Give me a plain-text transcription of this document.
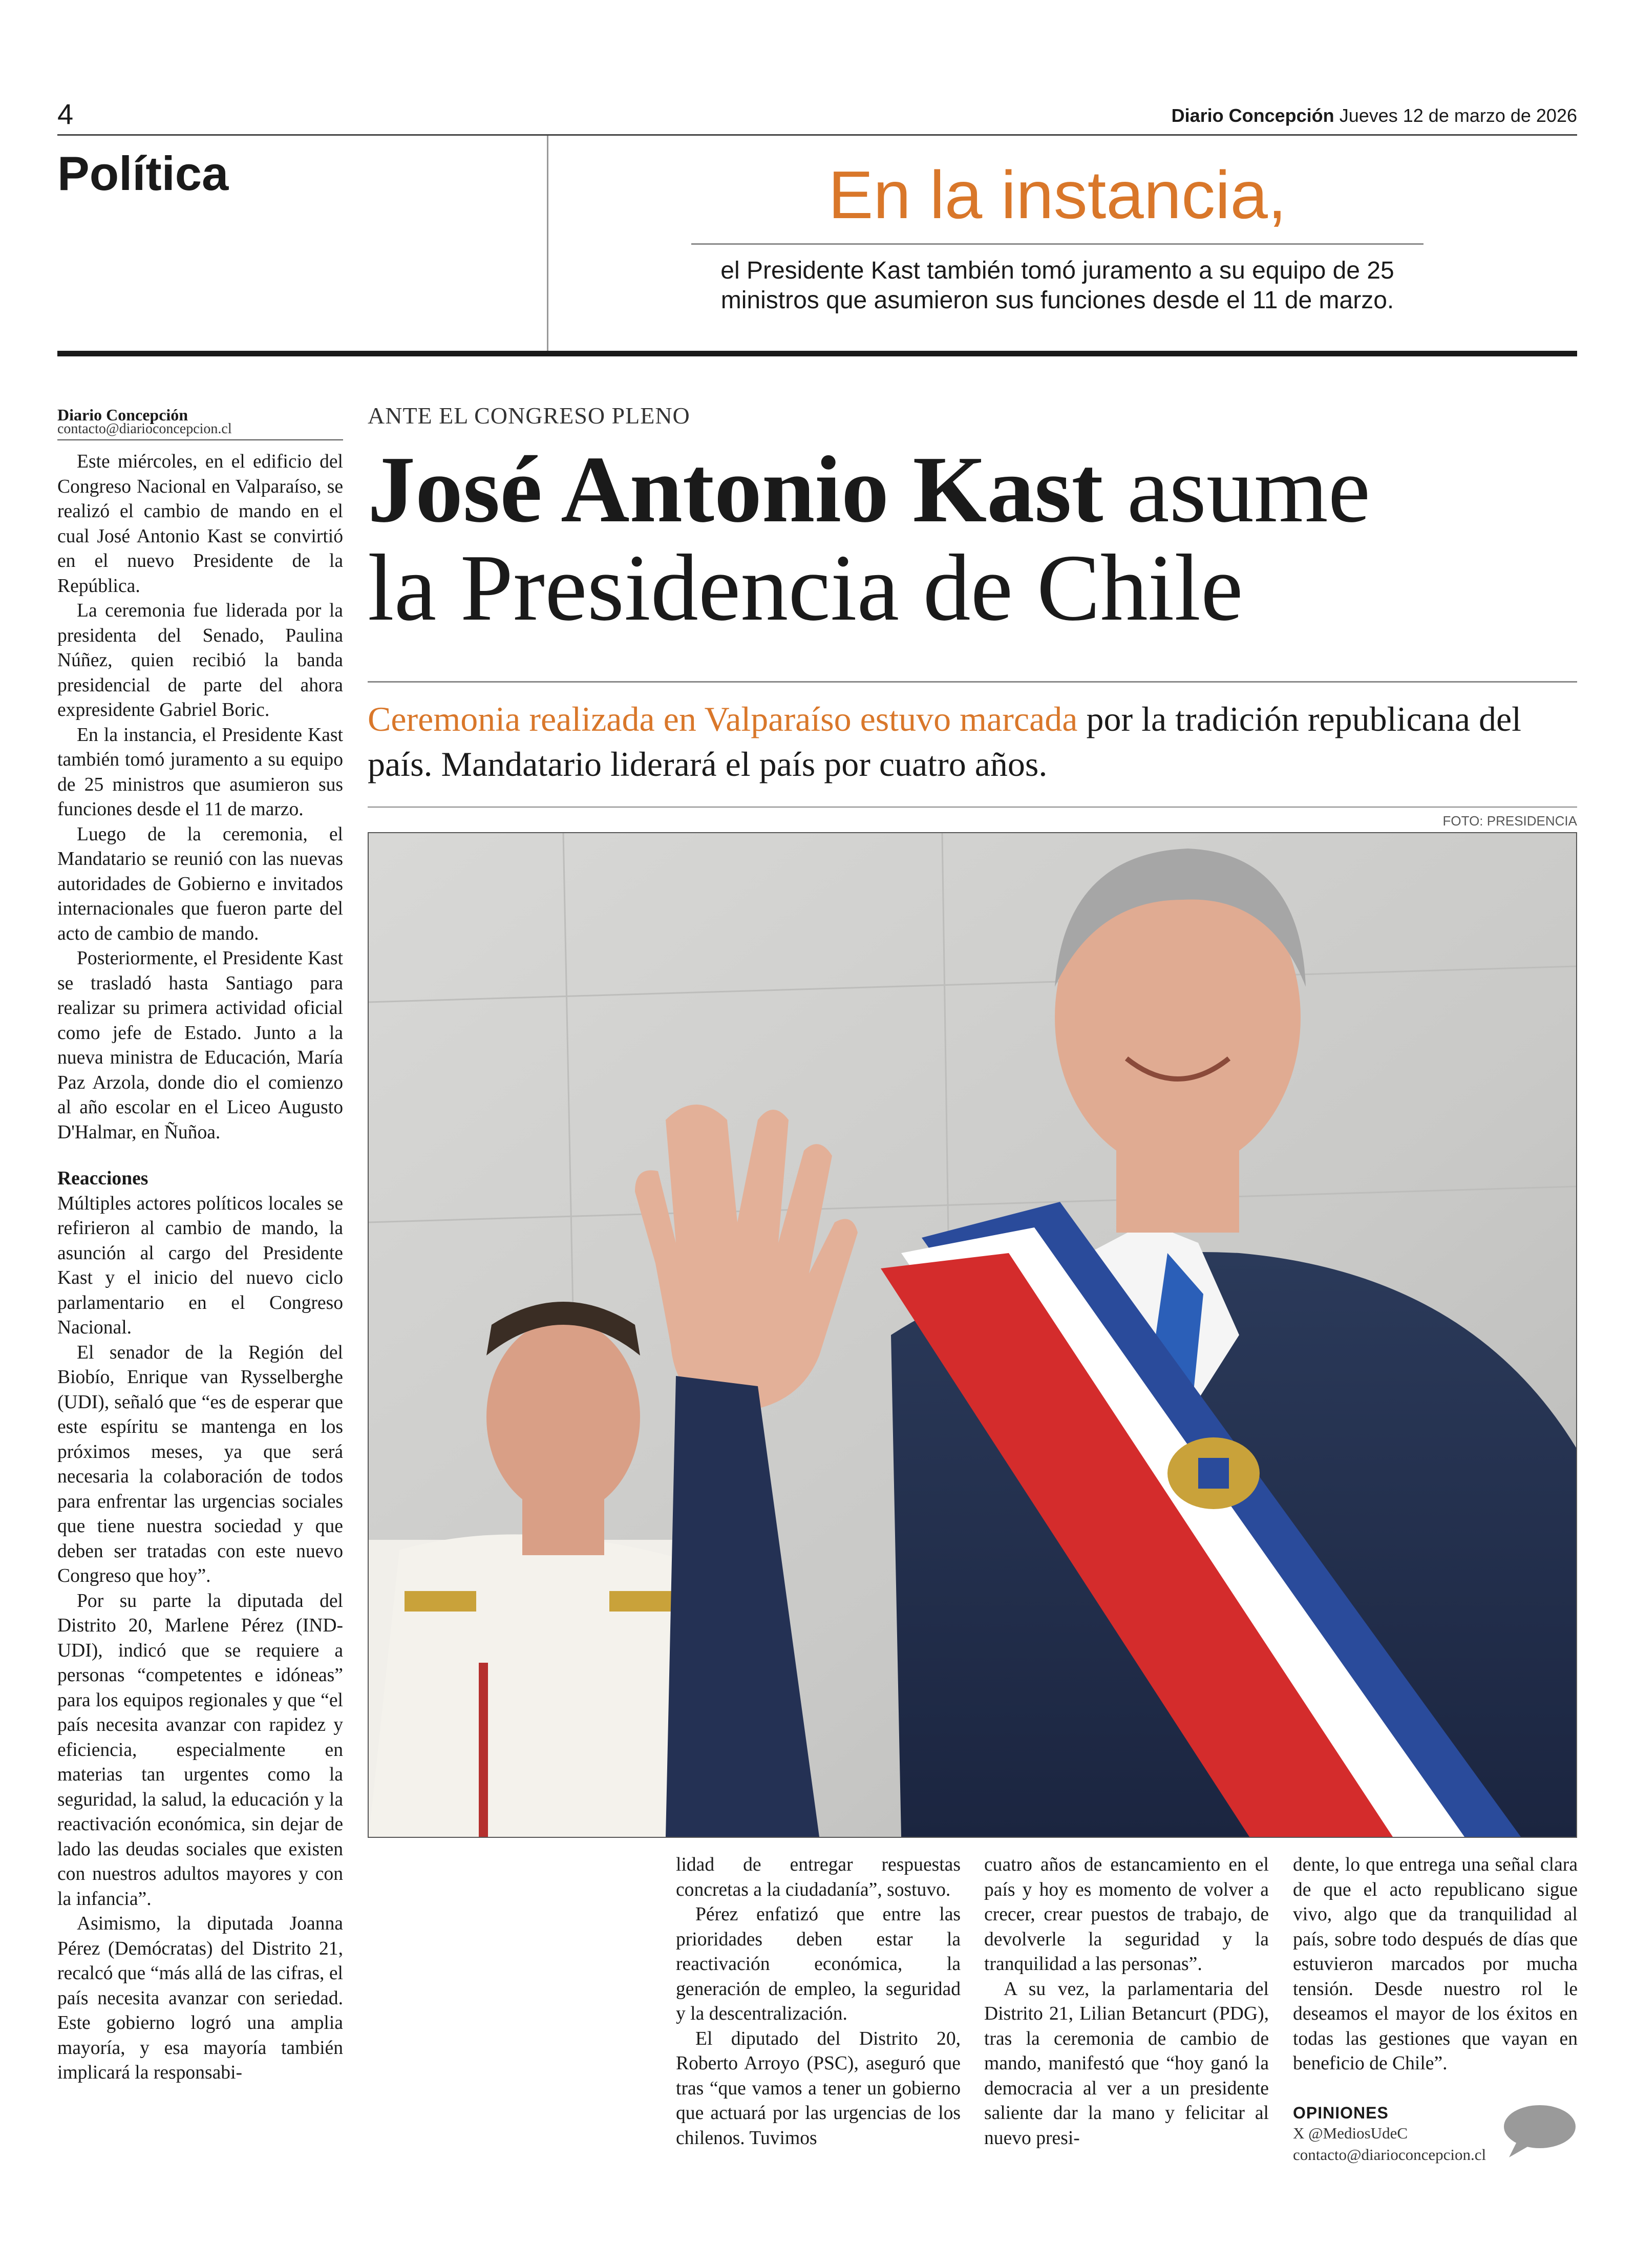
4	Diario Concepción Jueves 12 de marzo de 2026
Política	En la instancia,
el Presidente Kast también tomó juramento a su equipo de 25 ministros que asumieron sus funciones desde el 11 de marzo.
Diario Concepción
contacto@diarioconcepcion.cl

Este miércoles, en el edificio del Congreso Nacional en Valparaíso, se realizó el cambio de mando en el cual José Antonio Kast se convirtió en el nuevo Presidente de la República.

La ceremonia fue liderada por la presidenta del Senado, Paulina Núñez, quien recibió la banda presidencial de parte del ahora expresidente Gabriel Boric.

En la instancia, el Presidente Kast también tomó juramento a su equipo de 25 ministros que asumieron sus funciones desde el 11 de marzo.

Luego de la ceremonia, el Mandatario se reunió con las nuevas autoridades de Gobierno e invitados internacionales que fueron parte del acto de cambio de mando.

Posteriormente, el Presidente Kast se trasladó hasta Santiago para realizar su primera actividad oficial como jefe de Estado. Junto a la nueva ministra de Educación, María Paz Arzola, donde dio el comienzo al año escolar en el Liceo Augusto D'Halmar, en Ñuñoa.

Reacciones

Múltiples actores políticos locales se refirieron al cambio de mando, la asunción al cargo del Presidente Kast y el inicio del nuevo ciclo parlamentario en el Congreso Nacional.

El senador de la Región del Biobío, Enrique van Rysselberghe (UDI), señaló que “es de esperar que este espíritu se mantenga en los próximos meses, ya que será necesaria la colaboración de todos para enfrentar las urgencias sociales que tiene nuestra sociedad y que deben ser tratadas con este nuevo Congreso que hoy”.

Por su parte la diputada del Distrito 20, Marlene Pérez (IND-UDI), indicó que se requiere a personas “competentes e idóneas” para los equipos regionales y que “el país necesita avanzar con rapidez y eficiencia, especialmente en materias tan urgentes como la seguridad, la salud, la educación y la reactivación económica, sin dejar de lado las deudas sociales que existen con nuestros adultos mayores y con la infancia”.

Asimismo, la diputada Joanna Pérez (Demócratas) del Distrito 21, recalcó que “más allá de las cifras, el país necesita avanzar con seriedad. Este gobierno logró una amplia mayoría, y esa mayoría también implicará la responsabi-

ANTE EL CONGRESO PLENO
José Antonio Kast asume
la Presidencia de Chile
Ceremonia realizada en Valparaíso estuvo marcada por la tradición republicana del país. Mandatario liderará el país por cuatro años.
FOTO: PRESIDENCIA

lidad de entregar respuestas concretas a la ciudadanía”, sostuvo.

Pérez enfatizó que entre las prioridades deben estar la reactivación económica, la generación de empleo, la seguridad y la descentralización.

El diputado del Distrito 20, Roberto Arroyo (PSC), aseguró que tras “que vamos a tener un gobierno que actuará por las urgencias de los chilenos. Tuvimos

cuatro años de estancamiento en el país y hoy es momento de volver a crecer, crear puestos de trabajo, de devolverle la seguridad y la tranquilidad a las personas”.

A su vez, la parlamentaria del Distrito 21, Lilian Betancurt (PDG), tras la ceremonia de cambio de mando, manifestó que “hoy ganó la democracia al ver a un presidente saliente dar la mano y felicitar al nuevo presi-

dente, lo que entrega una señal clara de que el acto republicano sigue vivo, algo que da tranquilidad al país, sobre todo después de días que estuvieron marcados por mucha tensión. Desde nuestro rol le deseamos el mayor de los éxitos en todas las gestiones que vayan en beneficio de Chile”.

OPINIONES
X @MediosUdeC
contacto@diarioconcepcion.cl
